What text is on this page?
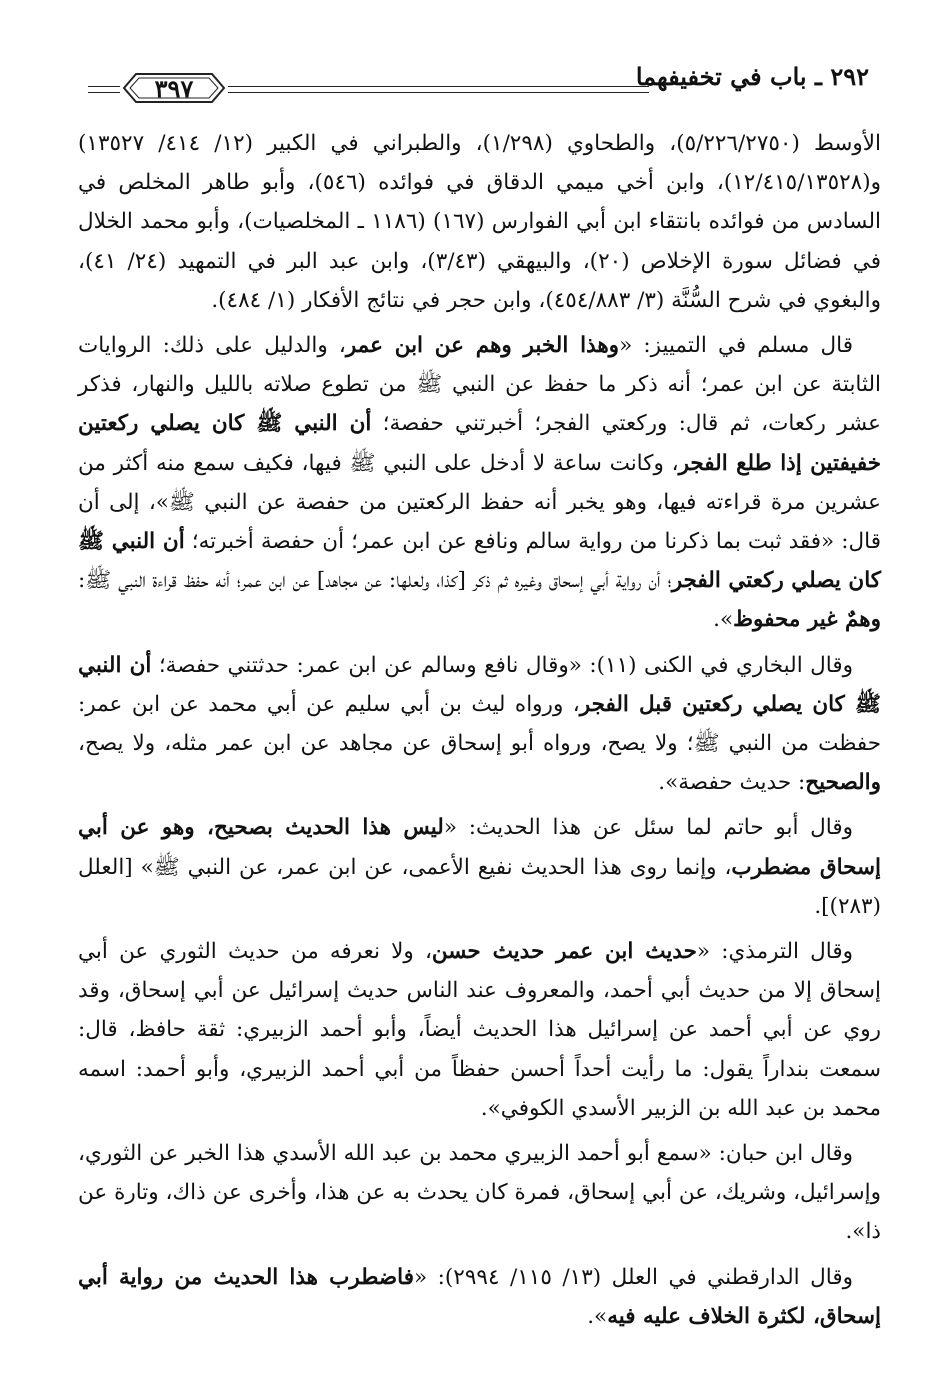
٢٩٢ ـ باب في تخفيفهما
٣٩٧

الأوسط (٥/٢٢٦/٢٧٥٠)، والطحاوي (١/٢٩٨)، والطبراني في الكبير (١٢/ ٤١٤/ ١٣٥٢٧) و(١٢/٤١٥/١٣٥٢٨)، وابن أخي ميمي الدقاق في فوائده (٥٤٦)، وأبو طاهر المخلص في السادس من فوائده بانتقاء ابن أبي الفوارس (١٦٧) (١١٨٦ ـ المخلصيات)، وأبو محمد الخلال في فضائل سورة الإخلاص (٢٠)، والبيهقي (٣/٤٣)، وابن عبد البر في التمهيد (٢٤/ ٤١)، والبغوي في شرح السُّنَّة (٣/ ٤٥٤/٨٨٣)، وابن حجر في نتائج الأفكار (١/ ٤٨٤).

قال مسلم في التمييز: «وهذا الخبر وهم عن ابن عمر، والدليل على ذلك: الروايات الثابتة عن ابن عمر؛ أنه ذكر ما حفظ عن النبي ﷺ من تطوع صلاته بالليل والنهار، فذكر عشر ركعات، ثم قال: وركعتي الفجر؛ أخبرتني حفصة؛ أن النبي ﷺ كان يصلي ركعتين خفيفتين إذا طلع الفجر، وكانت ساعة لا أدخل على النبي ﷺ فيها، فكيف سمع منه أكثر من عشرين مرة قراءته فيها، وهو يخبر أنه حفظ الركعتين من حفصة عن النبي ﷺ»، إلى أن قال: «فقد ثبت بما ذكرنا من رواية سالم ونافع عن ابن عمر؛ أن حفصة أخبرته؛ أن النبي ﷺ كان يصلي ركعتي الفجر؛ أن رواية أبي إسحاق وغيره ثم ذكر [كذا، ولعلها: عن مجاهد] عن ابن عمر؛ أنه حفظ قراءة النبي ﷺ: وهمٌ غير محفوظ».

وقال البخاري في الكنى (١١): «وقال نافع وسالم عن ابن عمر: حدثتني حفصة؛ أن النبي ﷺ كان يصلي ركعتين قبل الفجر، ورواه ليث بن أبي سليم عن أبي محمد عن ابن عمر: حفظت من النبي ﷺ؛ ولا يصح، ورواه أبو إسحاق عن مجاهد عن ابن عمر مثله، ولا يصح، والصحيح: حديث حفصة».

وقال أبو حاتم لما سئل عن هذا الحديث: «ليس هذا الحديث بصحيح، وهو عن أبي إسحاق مضطرب، وإنما روى هذا الحديث نفيع الأعمى، عن ابن عمر، عن النبي ﷺ» [العلل (٢٨٣)].

وقال الترمذي: «حديث ابن عمر حديث حسن، ولا نعرفه من حديث الثوري عن أبي إسحاق إلا من حديث أبي أحمد، والمعروف عند الناس حديث إسرائيل عن أبي إسحاق، وقد روي عن أبي أحمد عن إسرائيل هذا الحديث أيضاً، وأبو أحمد الزبيري: ثقة حافظ، قال: سمعت بنداراً يقول: ما رأيت أحداً أحسن حفظاً من أبي أحمد الزبيري، وأبو أحمد: اسمه محمد بن عبد الله بن الزبير الأسدي الكوفي».

وقال ابن حبان: «سمع أبو أحمد الزبيري محمد بن عبد الله الأسدي هذا الخبر عن الثوري، وإسرائيل، وشريك، عن أبي إسحاق، فمرة كان يحدث به عن هذا، وأخرى عن ذاك، وتارة عن ذا».

وقال الدارقطني في العلل (١٣/ ١١٥/ ٢٩٩٤): «فاضطرب هذا الحديث من رواية أبي إسحاق، لكثرة الخلاف عليه فيه».
